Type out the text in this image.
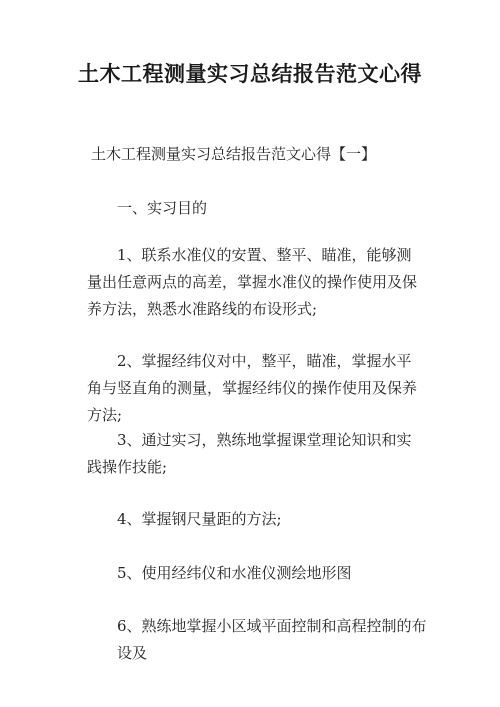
土木工程测量实习总结报告范文心得

土木工程测量实习总结报告范文心得【一】

一、实习目的

1、联系水准仪的安置、整平、瞄准，能够测量出任意两点的高差，掌握水准仪的操作使用及保养方法，熟悉水准路线的布设形式;

2、掌握经纬仪对中，整平，瞄准，掌握水平角与竖直角的测量，掌握经纬仪的操作使用及保养方法;

3、通过实习，熟练地掌握课堂理论知识和实践操作技能;

4、掌握钢尺量距的方法;

5、使用经纬仪和水准仪测绘地形图

6、熟练地掌握小区域平面控制和高程控制的布设及
